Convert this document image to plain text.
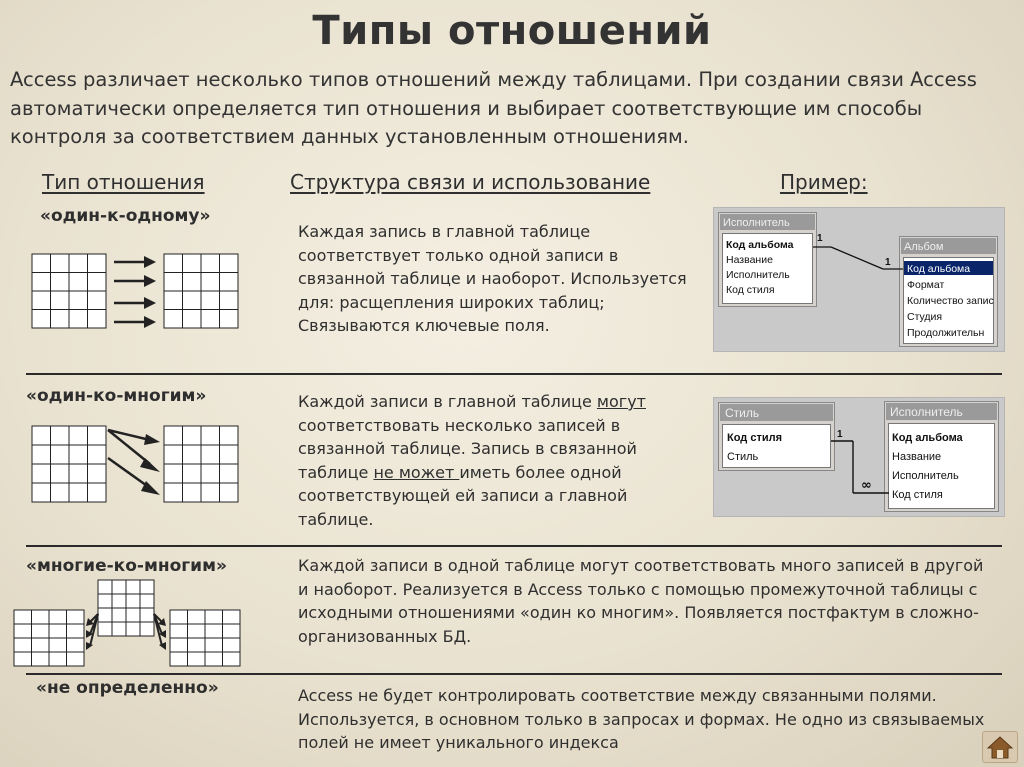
Типы отношений
Access различает несколько типов отношений между таблицами. При создании связи Access автоматически определяется тип отношения и выбирает соответствующие им способы контроля за соответствием данных установленным отношениям.
Тип отношения	Структура связи и использование	Пример:
«один-к-одному»
Каждая запись в главной таблице соответствует только одной записи в связанной таблице и наоборот. Используется для: расщепления широких таблиц; Связываются ключевые поля.
Исполнитель
Код альбома
Название
Исполнитель
Код стиля
Альбом
Код альбома
Формат
Количество запис
Студия
Продолжительн
1
1
«один-ко-многим»	Каждой записи в главной таблице могут соответствовать несколько записей в связанной таблице. Запись в связанной таблице не может иметь более одной соответствующей ей записи а главной таблице.
Стиль
Код стиля
Стиль
Исполнитель
Код альбома
Название
Исполнитель
Код стиля
1
∞
«многие-ко-многим»	Каждой записи в одной таблице могут соответствовать много записей в другой и наоборот. Реализуется в Access только с помощью промежуточной таблицы с исходными отношениями «один ко многим». Появляется постфактум в сложно- организованных БД.
«не определенно»	Access не будет контролировать соответствие между связанными полями. Используется, в основном только в запросах и формах. Не одно из связываемых полей не имеет уникального индекса
